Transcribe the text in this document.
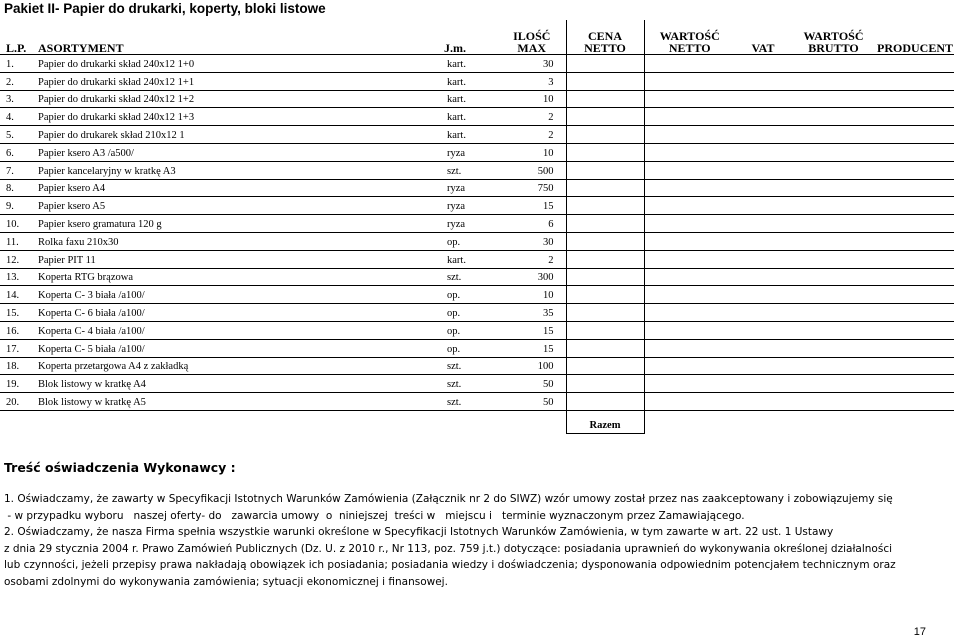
Pakiet II- Papier do drukarki, koperty, bloki listowe
L.P.	ASORTYMENT	J.m.	ILOŚĆ MAX	CENA NETTO	WARTOŚĆ NETTO	VAT	WARTOŚĆ BRUTTO	PRODUCENT
1.	Papier do drukarki skład 240x12 1+0	kart.	30					
2.	Papier do drukarki skład 240x12 1+1	kart.	3					
3.	Papier do drukarki skład 240x12 1+2	kart.	10					
4.	Papier do drukarki skład 240x12 1+3	kart.	2					
5.	Papier do drukarek skład 210x12 1	kart.	2					
6.	Papier ksero A3 /a500/	ryza	10					
7.	Papier kancelaryjny w kratkę A3	szt.	500					
8.	Papier ksero A4	ryza	750					
9.	Papier ksero A5	ryza	15					
10.	Papier ksero gramatura 120 g	ryza	6					
11.	Rolka faxu 210x30	op.	30					
12.	Papier PIT 11	kart.	2					
13.	Koperta RTG brązowa	szt.	300					
14.	Koperta C- 3 biała /a100/	op.	10					
15.	Koperta C- 6 biała /a100/	op.	35					
16.	Koperta C- 4 biała /a100/	op.	15					
17.	Koperta C- 5 biała /a100/	op.	15					
18.	Koperta przetargowa A4 z zakładką	szt.	100					
19.	Blok listowy w kratkę A4	szt.	50					
20.	Blok listowy w kratkę A5	szt.	50					
				Razem				
Treść oświadczenia Wykonawcy :

1. Oświadczamy, że zawarty w Specyfikacji Istotnych Warunków Zamówienia (Załącznik nr 2 do SIWZ) wzór umowy został przez nas zaakceptowany i zobowiązujemy się

- w przypadku wyboru   naszej oferty- do   zawarcia umowy  o  niniejszej  treści w   miejscu i   terminie wyznaczonym przez Zamawiającego.

2. Oświadczamy, że nasza Firma spełnia wszystkie warunki określone w Specyfikacji Istotnych Warunków Zamówienia, w tym zawarte w art. 22 ust. 1 Ustawy

z dnia 29 stycznia 2004 r. Prawo Zamówień Publicznych (Dz. U. z 2010 r., Nr 113, poz. 759 j.t.) dotyczące: posiadania uprawnień do wykonywania określonej działalności

lub czynności, jeżeli przepisy prawa nakładają obowiązek ich posiadania; posiadania wiedzy i doświadczenia; dysponowania odpowiednim potencjałem technicznym oraz

osobami zdolnymi do wykonywania zamówienia; sytuacji ekonomicznej i finansowej.

17
